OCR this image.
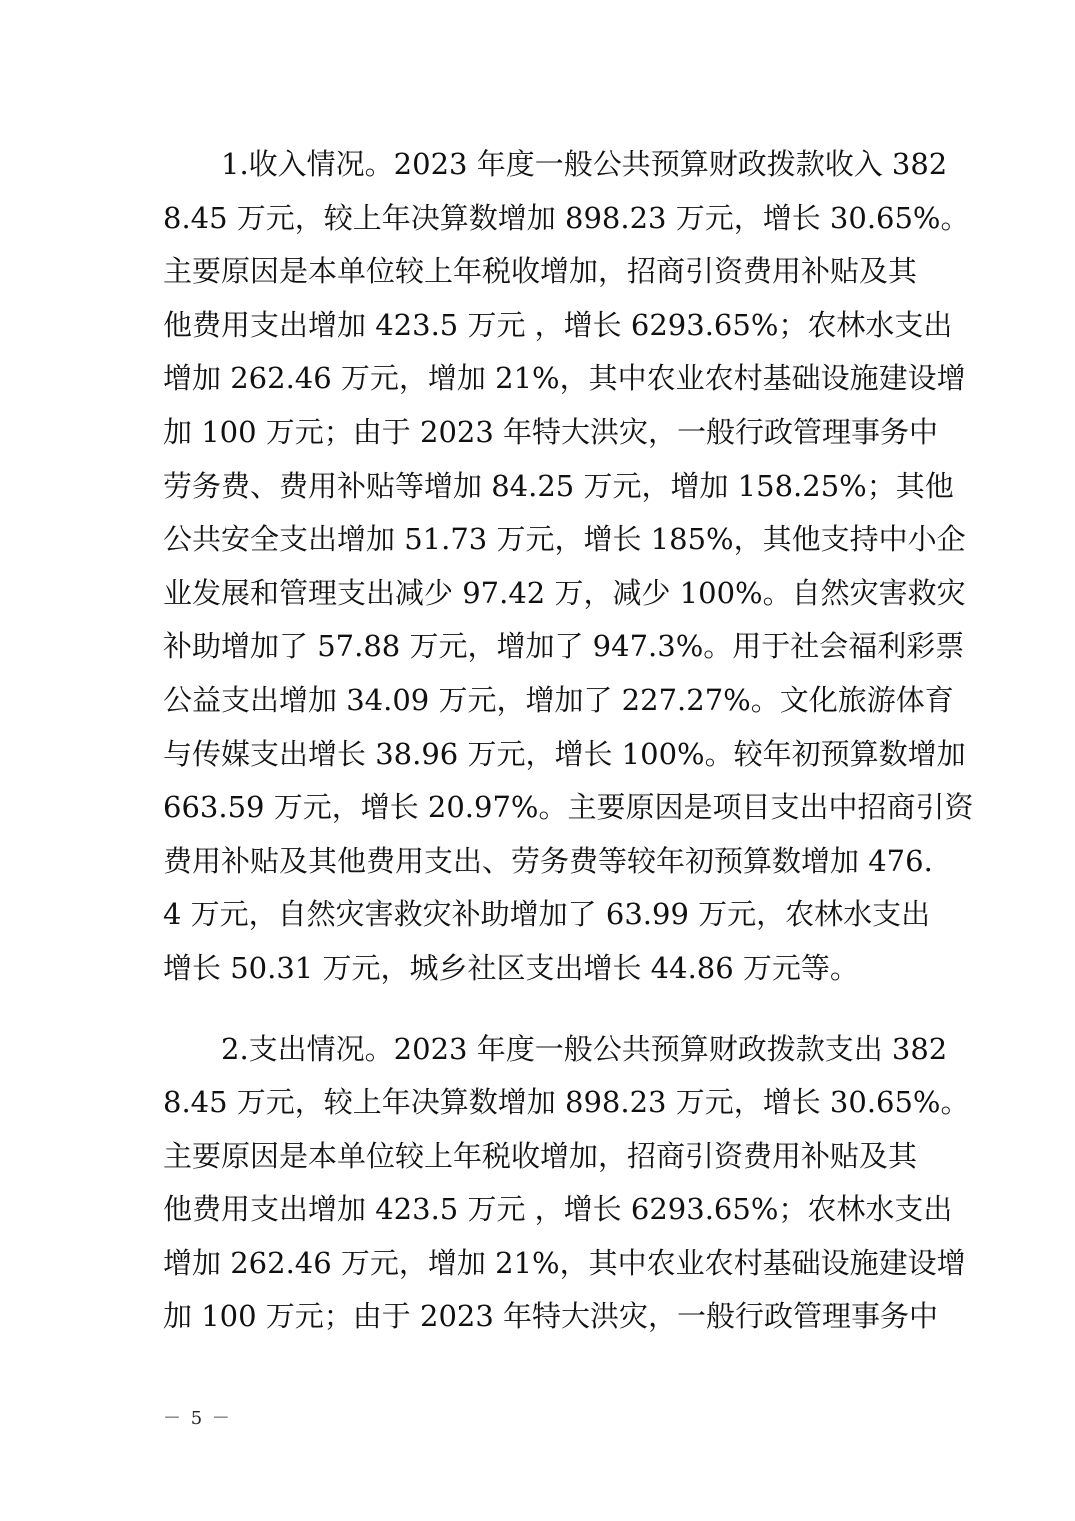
1.收入情况。2023 年度一般公共预算财政拨款收入 382
8.45 万元，较上年决算数增加 898.23 万元，增长 30.65%。
主要原因是本单位较上年税收增加，招商引资费用补贴及其
他费用支出增加 423.5 万元 ，增长 6293.65%；农林水支出
增加 262.46 万元，增加 21%，其中农业农村基础设施建设增
加 100 万元；由于 2023 年特大洪灾，一般行政管理事务中
劳务费、费用补贴等增加 84.25 万元，增加 158.25%；其他
公共安全支出增加 51.73 万元，增长 185%，其他支持中小企
业发展和管理支出减少 97.42 万，减少 100%。自然灾害救灾
补助增加了 57.88 万元，增加了 947.3%。用于社会福利彩票
公益支出增加 34.09 万元，增加了 227.27%。文化旅游体育
与传媒支出增长 38.96 万元，增长 100%。较年初预算数增加
663.59 万元，增长 20.97%。主要原因是项目支出中招商引资
费用补贴及其他费用支出、劳务费等较年初预算数增加 476.
4 万元，自然灾害救灾补助增加了 63.99 万元，农林水支出
增长 50.31 万元，城乡社区支出增长 44.86 万元等。
2.支出情况。2023 年度一般公共预算财政拨款支出 382
8.45 万元，较上年决算数增加 898.23 万元，增长 30.65%。
主要原因是本单位较上年税收增加，招商引资费用补贴及其
他费用支出增加 423.5 万元 ，增长 6293.65%；农林水支出
增加 262.46 万元，增加 21%，其中农业农村基础设施建设增
加 100 万元；由于 2023 年特大洪灾，一般行政管理事务中
－ 5 －
